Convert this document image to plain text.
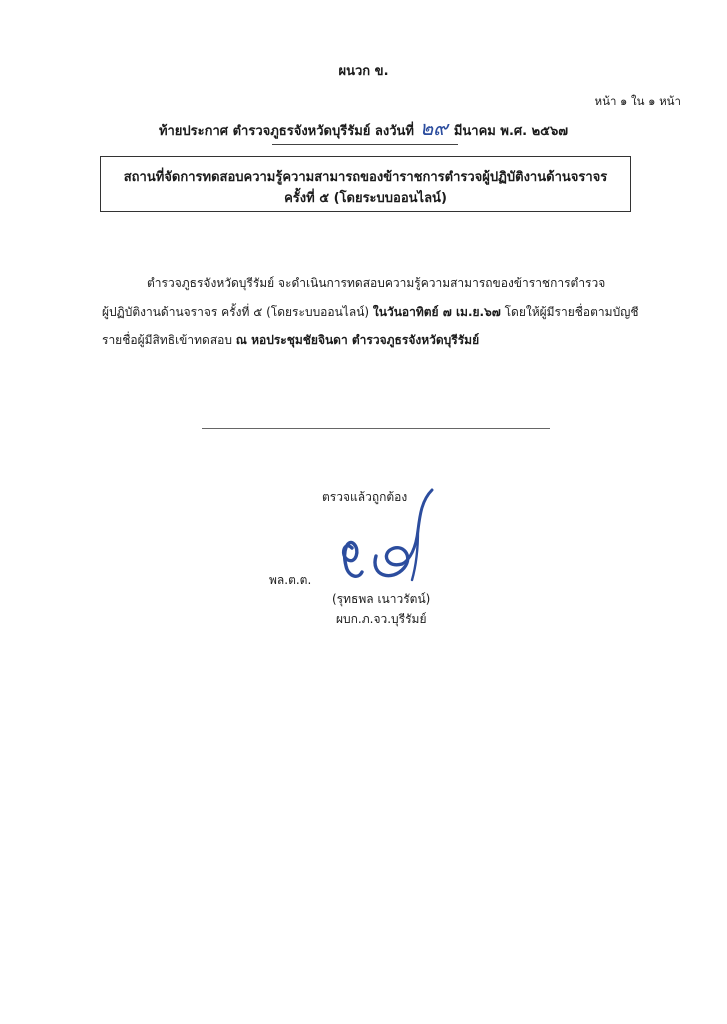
ผนวก ข.
หน้า ๑ ใน ๑ หน้า
ท้ายประกาศ ตำรวจภูธรจังหวัดบุรีรัมย์ ลงวันที่ ๒๙ มีนาคม พ.ศ. ๒๕๖๗
สถานที่จัดการทดสอบความรู้ความสามารถของข้าราชการตำรวจผู้ปฏิบัติงานด้านจราจร
ครั้งที่ ๕ (โดยระบบออนไลน์)
ตำรวจภูธรจังหวัดบุรีรัมย์ จะดำเนินการทดสอบความรู้ความสามารถของข้าราชการตำรวจ
ผู้ปฏิบัติงานด้านจราจร ครั้งที่ ๕ (โดยระบบออนไลน์) ในวันอาทิตย์ ๗ เม.ย.๖๗ โดยให้ผู้มีรายชื่อตามบัญชี
รายชื่อผู้มีสิทธิเข้าทดสอบ ณ หอประชุมชัยจินดา ตำรวจภูธรจังหวัดบุรีรัมย์
ตรวจแล้วถูกต้อง
พล.ต.ต.
(รุทธพล เนาวรัตน์)
ผบก.ภ.จว.บุรีรัมย์
